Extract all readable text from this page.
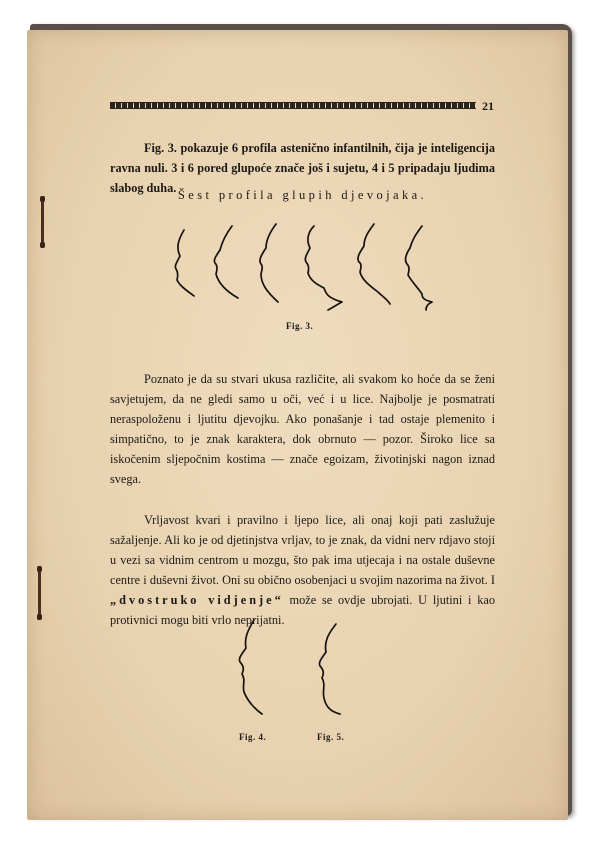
21

Fig. 3. pokazuje 6 profila astenično infantilnih, čija je inteligencija ravna nuli. 3 i 6 pored glupoće znače još i sujetu, 4 i 5 pripadaju ljudima slabog duha. Šest profila glupih djevojaka.
Fig. 3.

Poznato je da su stvari ukusa različite, ali svakom ko hoće da se ženi savjetujem, da ne gledi samo u oči, već i u lice. Najbolje je posmatrati neraspoloženu i ljutitu djevojku. Ako ponašanje i tad ostaje plemenito i simpatično, to je znak karaktera, dok obrnuto — pozor. Široko lice sa iskočenim sljepočnim kostima — znače egoizam, životinjski nagon iznad svega.

Vrljavost kvari i pravilno i ljepo lice, ali onaj koji pati zaslužuje sažaljenje. Ali ko je od djetinjstva vrljav, to je znak, da vidni nerv rdjavo stoji u vezi sa vidnim centrom u mozgu, što pak ima utjecaja i na ostale duševne centre i duševni život. Oni su obično osobenjaci u svojim nazorima na život. I „dvostruko vidjenje“ može se ovdje ubrojati. U ljutini i kao protivnici mogu biti vrlo neprijatni.

Fig. 4.	Fig. 5.
